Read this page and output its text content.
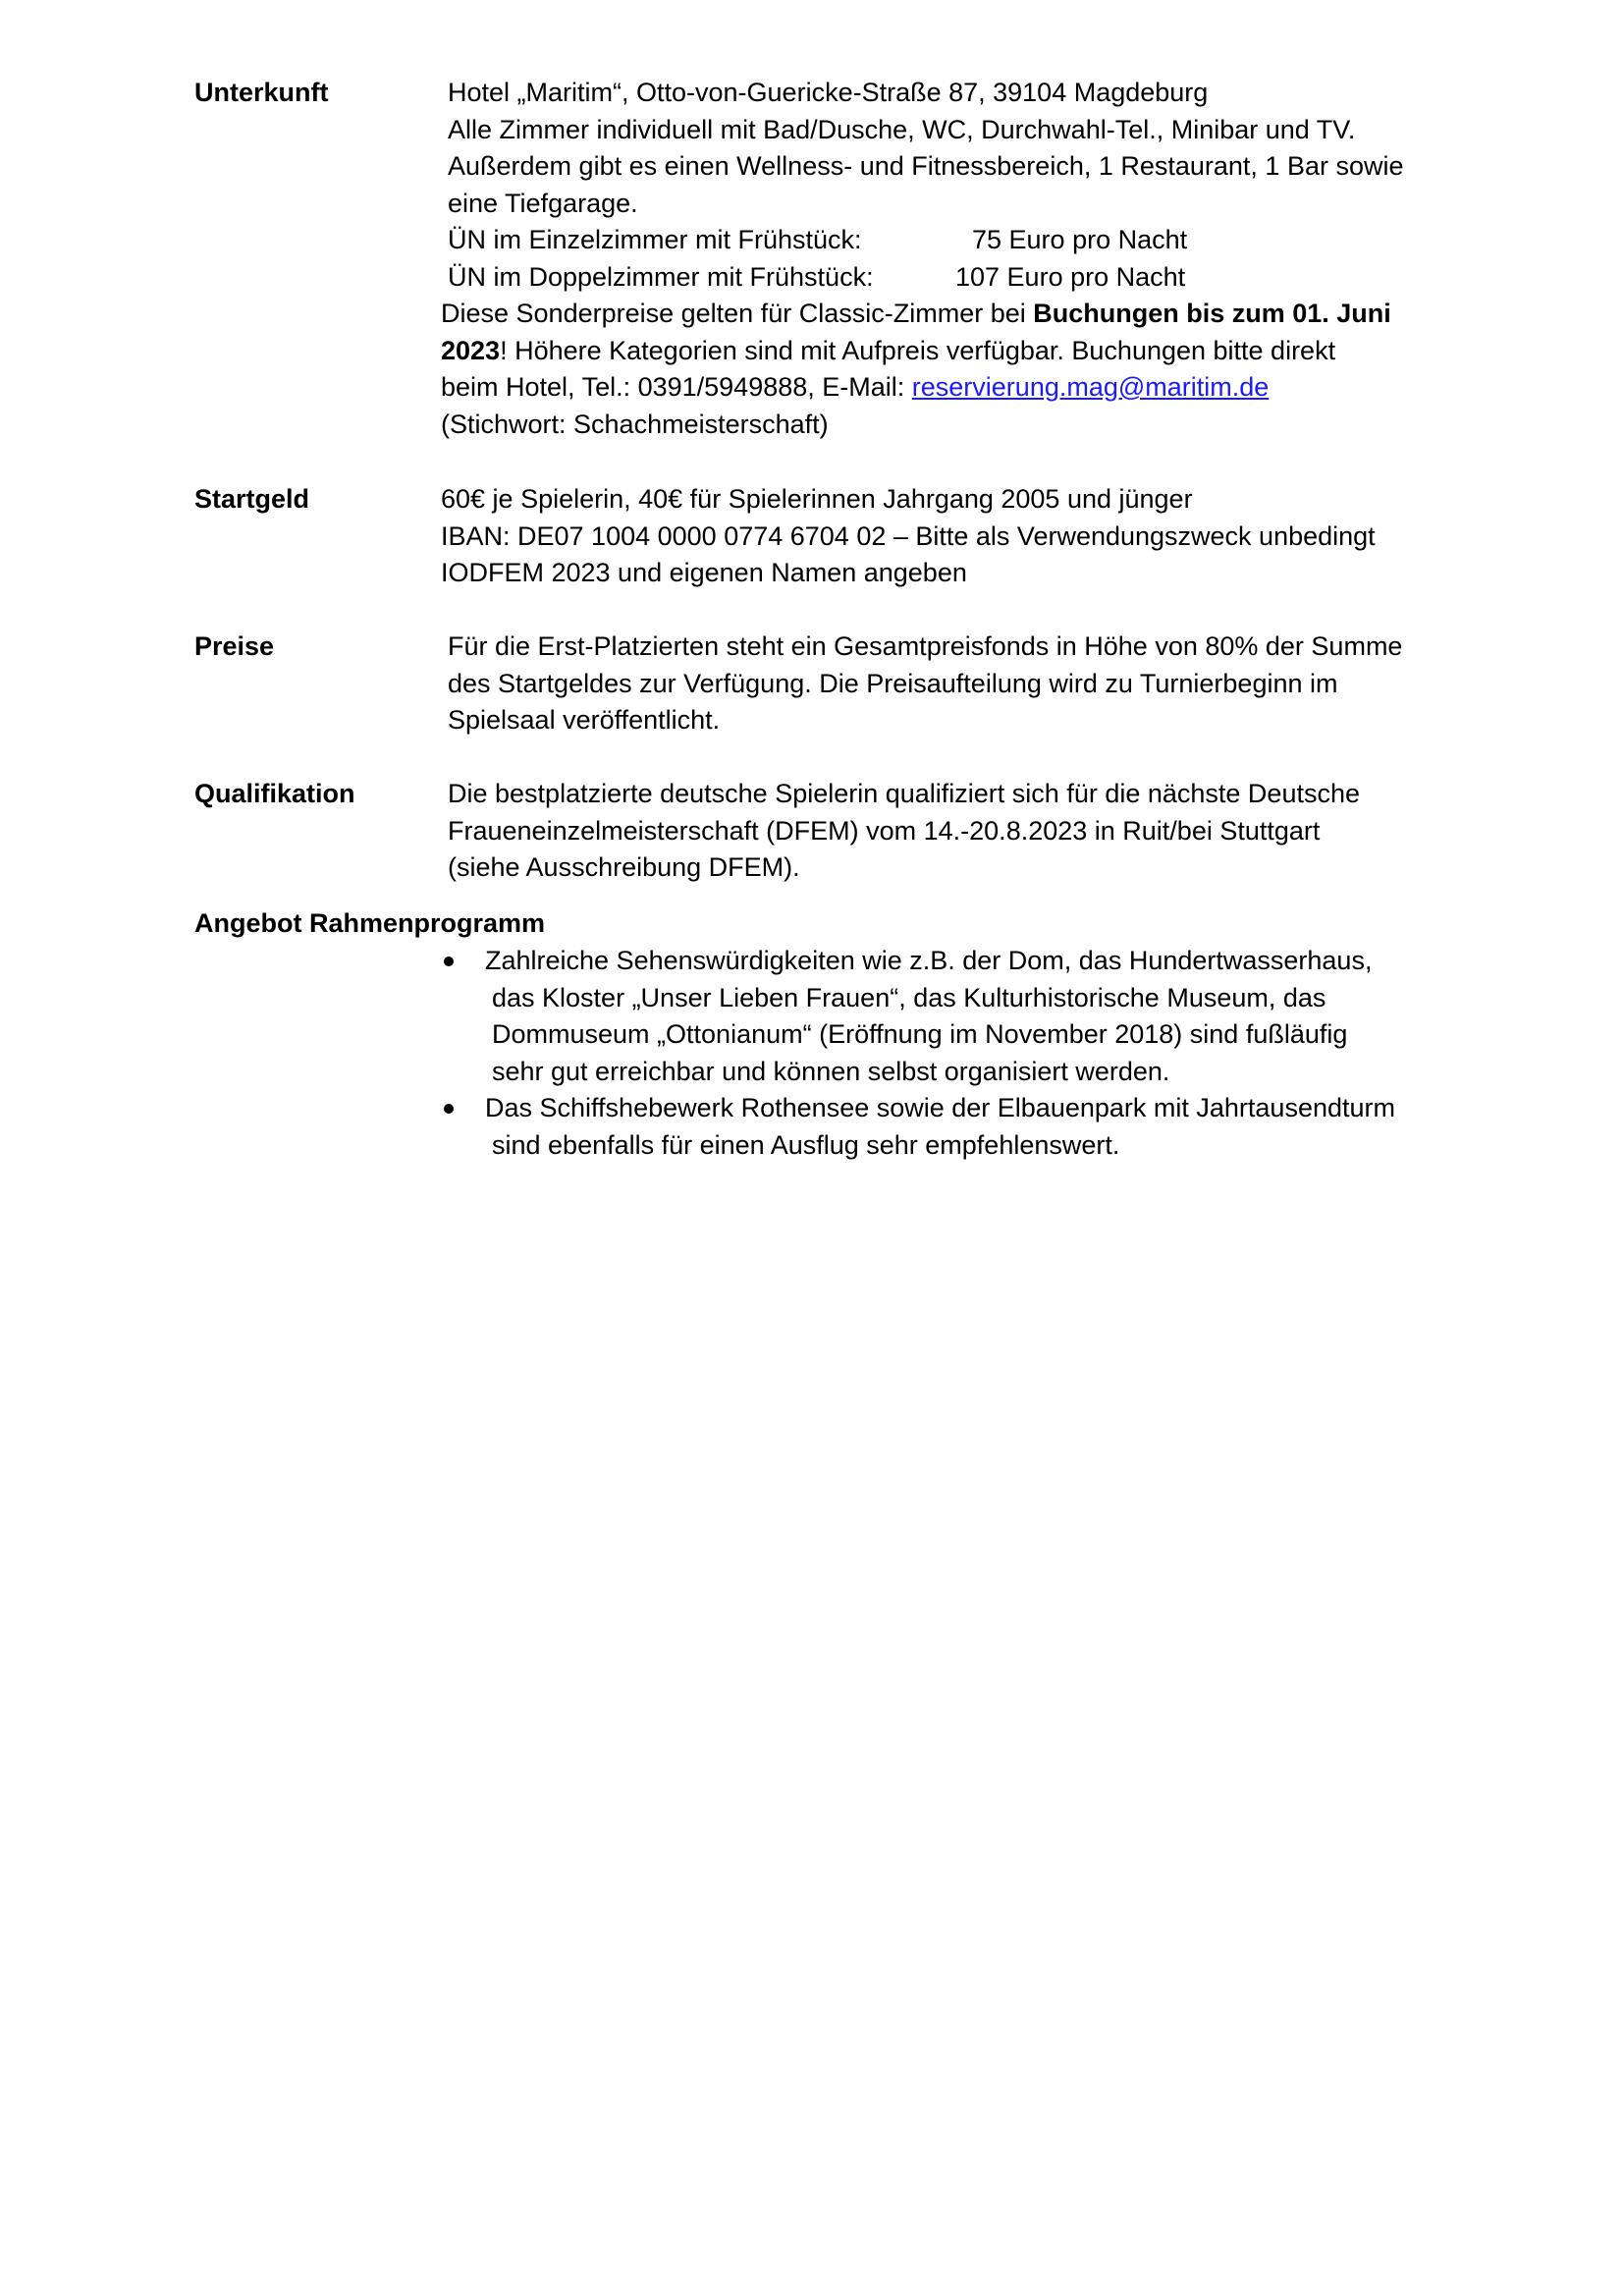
Unterkunft	Hotel „Maritim“, Otto-von-Guericke-Straße 87, 39104 Magdeburg
Alle Zimmer individuell mit Bad/Dusche, WC, Durchwahl-Tel., Minibar und TV.
Außerdem gibt es einen Wellness- und Fitnessbereich, 1 Restaurant, 1 Bar sowie
eine Tiefgarage.
ÜN im Einzelzimmer mit Frühstück:	75 Euro pro Nacht
ÜN im Doppelzimmer mit Frühstück:	107 Euro pro Nacht
Diese Sonderpreise gelten für Classic-Zimmer bei Buchungen bis zum 01. Juni
2023! Höhere Kategorien sind mit Aufpreis verfügbar. Buchungen bitte direkt
beim Hotel, Tel.: 0391/5949888, E-Mail: reservierung.mag@maritim.de
(Stichwort: Schachmeisterschaft)
Startgeld	60€ je Spielerin, 40€ für Spielerinnen Jahrgang 2005 und jünger
IBAN: DE07 1004 0000 0774 6704 02 – Bitte als Verwendungszweck unbedingt
IODFEM 2023 und eigenen Namen angeben
Preise	Für die Erst-Platzierten steht ein Gesamtpreisfonds in Höhe von 80% der Summe
des Startgeldes zur Verfügung. Die Preisaufteilung wird zu Turnierbeginn im
Spielsaal veröffentlicht.
Qualifikation	Die bestplatzierte deutsche Spielerin qualifiziert sich für die nächste Deutsche
Fraueneinzelmeisterschaft (DFEM) vom 14.-20.8.2023 in Ruit/bei Stuttgart
(siehe Ausschreibung DFEM).
Angebot Rahmenprogramm
Zahlreiche Sehenswürdigkeiten wie z.B. der Dom, das Hundertwasserhaus,
das Kloster „Unser Lieben Frauen“, das Kulturhistorische Museum, das
Dommuseum „Ottonianum“ (Eröffnung im November 2018) sind fußläufig
sehr gut erreichbar und können selbst organisiert werden.
Das Schiffshebewerk Rothensee sowie der Elbauenpark mit Jahrtausendturm
sind ebenfalls für einen Ausflug sehr empfehlenswert.
